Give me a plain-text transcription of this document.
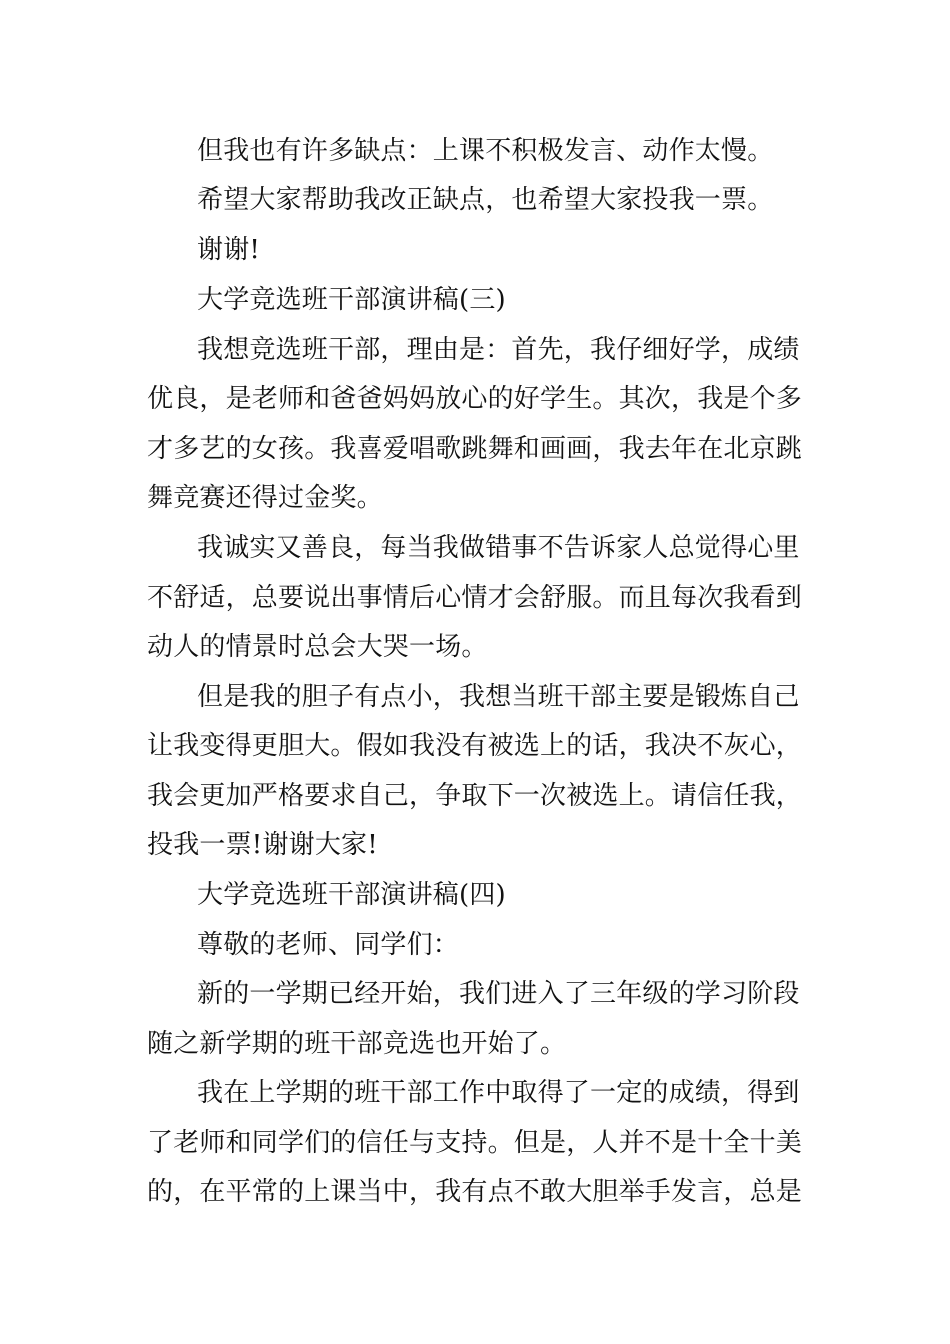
但我也有许多缺点：上课不积极发言、动作太慢。
希望大家帮助我改正缺点，也希望大家投我一票。
谢谢!
大学竞选班干部演讲稿(三)
我想竞选班干部，理由是：首先，我仔细好学，成绩
优良，是老师和爸爸妈妈放心的好学生。其次，我是个多
才多艺的女孩。我喜爱唱歌跳舞和画画，我去年在北京跳
舞竞赛还得过金奖。
我诚实又善良，每当我做错事不告诉家人总觉得心里
不舒适，总要说出事情后心情才会舒服。而且每次我看到
动人的情景时总会大哭一场。
但是我的胆子有点小，我想当班干部主要是锻炼自己
让我变得更胆大。假如我没有被选上的话，我决不灰心，
我会更加严格要求自己，争取下一次被选上。请信任我，
投我一票!谢谢大家!
大学竞选班干部演讲稿(四)
尊敬的老师、同学们：
新的一学期已经开始，我们进入了三年级的学习阶段
随之新学期的班干部竞选也开始了。
我在上学期的班干部工作中取得了一定的成绩，得到
了老师和同学们的信任与支持。但是，人并不是十全十美
的，在平常的上课当中，我有点不敢大胆举手发言，总是
